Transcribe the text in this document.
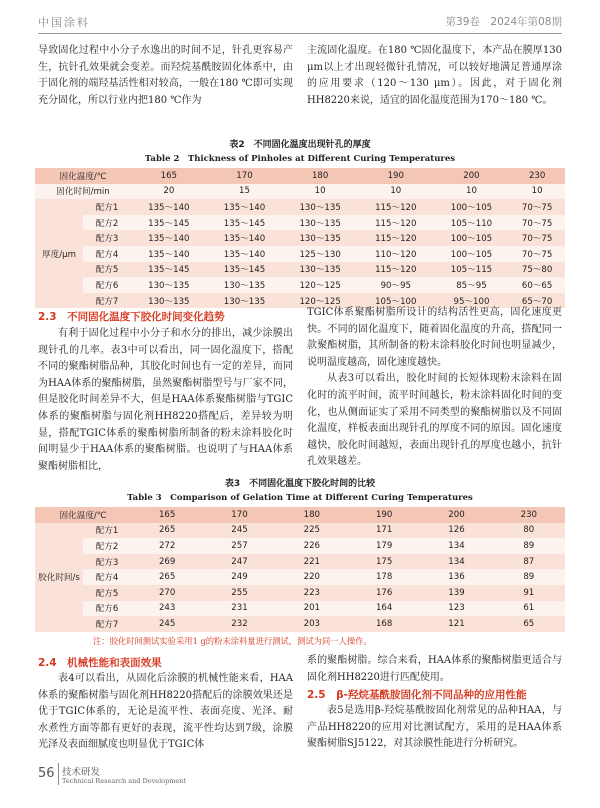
中国涂料	第39卷　2024年第08期

导致固化过程中小分子水逸出的时间不足，针孔更容易产生，抗针孔效果就会变差。而羟烷基酰胺固化体系中，由于固化剂的端羟基活性相对较高，一般在180 ℃即可实现充分固化，所以行业内把180 ℃作为

主流固化温度。在180 ℃固化温度下，本产品在膜厚130 μm以上才出现轻微针孔情况，可以较好地满足普通厚涂的应用要求（120～130 μm）。因此，对于固化剂HH8220来说，适宜的固化温度范围为170～180 ℃。

表2　不同固化温度出现针孔的厚度
Table 2　Thickness of Pinholes at Different Curing Temperatures
固化温度/℃		165	170	180	190	200	230
固化时间/min		20	15	10	10	10	10
厚度/μm	配方1	135～140	135～140	130～135	115～120	100～105	70～75
	配方2	135～145	135～145	130～135	115～120	105～110	70～75
	配方3	135～140	135～140	130～135	115～120	100～105	70～75
	配方4	135～140	135～140	125～130	110～120	100～105	70～75
	配方5	135～145	135～145	130～135	115～120	105～115	75～80
	配方6	130～135	130～135	120～125	90～95	85～95	60～65
	配方7	130～135	130～135	120～125	105～100	95～100	65～70
2.3　不同固化温度下胶化时间变化趋势

有利于固化过程中小分子和水分的排出，减少涂膜出现针孔的几率。表3中可以看出，同一固化温度下，搭配不同的聚酯树脂品种，其胶化时间也有一定的差异，而同为HAA体系的聚酯树脂，虽然聚酯树脂型号与厂家不同，但是胶化时间差异不大，但是HAA体系聚酯树脂与TGIC体系的聚酯树脂与固化剂HH8220搭配后，差异较为明显，搭配TGIC体系的聚酯树脂所制备的粉末涂料胶化时间明显少于HAA体系的聚酯树脂。也说明了与HAA体系聚酯树脂相比，

TGIC体系聚酯树脂所设计的结构活性更高，固化速度更快。不同的固化温度下，随着固化温度的升高，搭配同一款聚酯树脂，其所制备的粉末涂料胶化时间也明显减少，说明温度越高，固化速度越快。

从表3可以看出，胶化时间的长短体现粉末涂料在固化时的流平时间，流平时间越长，粉末涂料固化时间的变化，也从侧面证实了采用不同类型的聚酯树脂以及不同固化温度，样板表面出现针孔的厚度不同的原因。固化速度越快，胶化时间越短，表面出现针孔的厚度也越小，抗针孔效果越差。

表3　不同固化温度下胶化时间的比较
Table 3　Comparison of Gelation Time at Different Curing Temperatures
固化温度/℃		165	170	180	190	200	230
胶化时间/s	配方1	265	245	225	171	126	80
	配方2	272	257	226	179	134	89
	配方3	269	247	221	175	134	87
	配方4	265	249	220	178	136	89
	配方5	270	255	223	176	139	91
	配方6	243	231	201	164	123	61
	配方7	245	232	203	168	121	65
注：胶化时间测试实验采用1 g的粉末涂料量进行测试，测试为同一人操作。
2.4　机械性能和表面效果

表4可以看出，从固化后涂膜的机械性能来看，HAA体系的聚酯树脂与固化剂HH8220搭配后的涂膜效果还是优于TGIC体系的，无论是流平性、表面亮度、光泽、耐水煮性方面等都有更好的表现，流平性均达到7级，涂膜光泽及表面细腻度也明显优于TGIC体

系的聚酯树脂。综合来看，HAA体系的聚酯树脂更适合与固化剂HH8220进行匹配使用。

2.5　β-羟烷基酰胺固化剂不同品种的应用性能

表5是选用β-羟烷基酰胺固化剂常见的品种HAA，与产品HH8220的应用对比测试配方，采用的是HAA体系聚酯树脂SJ5122，对其涂膜性能进行分析研究。

56 技术研发
Technical Research and Development
